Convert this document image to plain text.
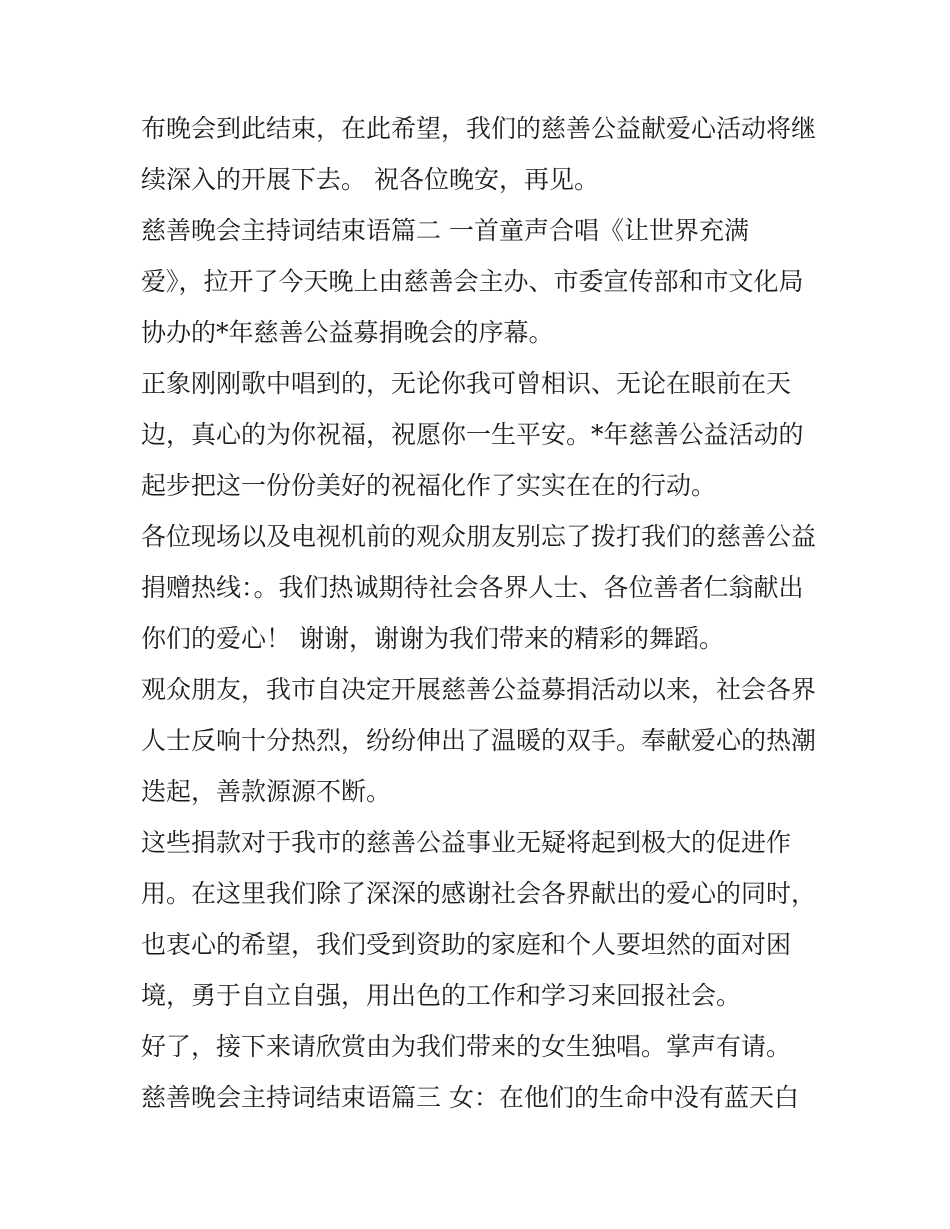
布晚会到此结束，在此希望，我们的慈善公益献爱心活动将继
续深入的开展下去。 祝各位晚安，再见。
慈善晚会主持词结束语篇二 一首童声合唱《让世界充满
爱》，拉开了今天晚上由慈善会主办、市委宣传部和市文化局
协办的*年慈善公益募捐晚会的序幕。
正象刚刚歌中唱到的，无论你我可曾相识、无论在眼前在天
边，真心的为你祝福，祝愿你一生平安。*年慈善公益活动的
起步把这一份份美好的祝福化作了实实在在的行动。
各位现场以及电视机前的观众朋友别忘了拨打我们的慈善公益
捐赠热线：。我们热诚期待社会各界人士、各位善者仁翁献出
你们的爱心！ 谢谢，谢谢为我们带来的精彩的舞蹈。
观众朋友，我市自决定开展慈善公益募捐活动以来，社会各界
人士反响十分热烈，纷纷伸出了温暖的双手。奉献爱心的热潮
迭起，善款源源不断。
这些捐款对于我市的慈善公益事业无疑将起到极大的促进作
用。在这里我们除了深深的感谢社会各界献出的爱心的同时，
也衷心的希望，我们受到资助的家庭和个人要坦然的面对困
境，勇于自立自强，用出色的工作和学习来回报社会。
好了，接下来请欣赏由为我们带来的女生独唱。掌声有请。
慈善晚会主持词结束语篇三 女：在他们的生命中没有蓝天白
